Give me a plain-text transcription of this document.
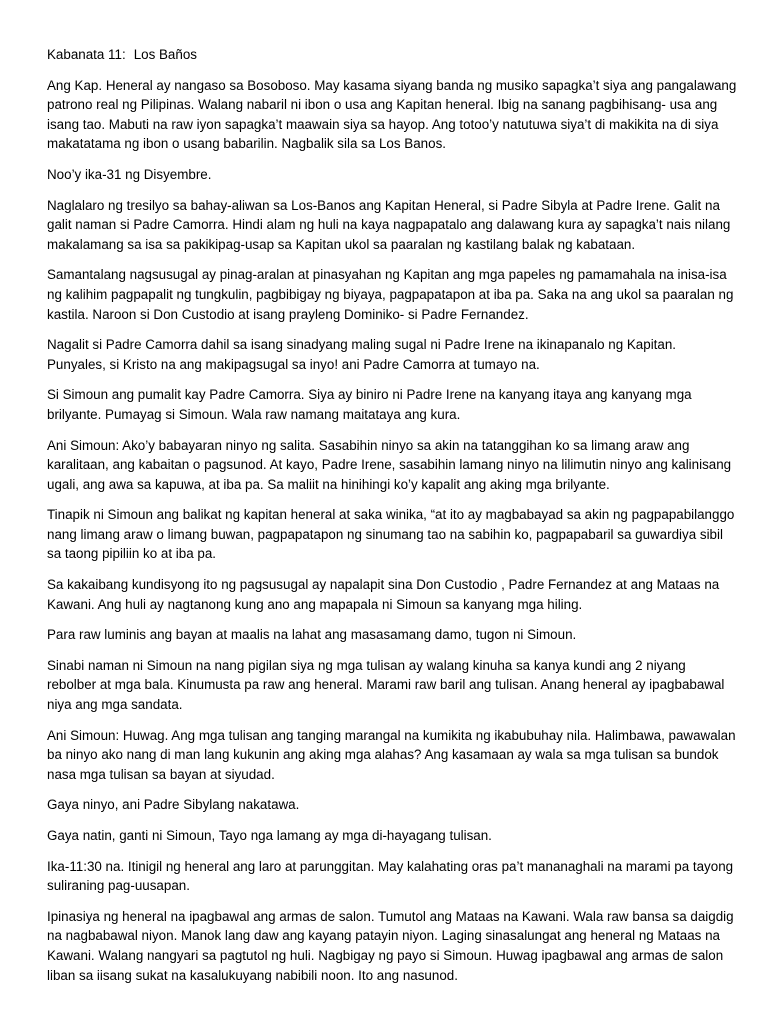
Kabanata 11: Los Baños

Ang Kap. Heneral ay nangaso sa Bosoboso. May kasama siyang banda ng musiko sapagka’t siya ang pangalawang patrono real ng Pilipinas. Walang nabaril ni ibon o usa ang Kapitan heneral. Ibig na sanang pagbihisang- usa ang isang tao. Mabuti na raw iyon sapagka’t maawain siya sa hayop. Ang totoo’y natutuwa siya’t di makikita na di siya makatatama ng ibon o usang babarilin. Nagbalik sila sa Los Banos.

Noo’y ika-31 ng Disyembre.

Naglalaro ng tresilyo sa bahay-aliwan sa Los-Banos ang Kapitan Heneral, si Padre Sibyla at Padre Irene. Galit na galit naman si Padre Camorra. Hindi alam ng huli na kaya nagpapatalo ang dalawang kura ay sapagka’t nais nilang makalamang sa isa sa pakikipag-usap sa Kapitan ukol sa paaralan ng kastilang balak ng kabataan.

Samantalang nagsusugal ay pinag-aralan at pinasyahan ng Kapitan ang mga papeles ng pamamahala na inisa-isa ng kalihim pagpapalit ng tungkulin, pagbibigay ng biyaya, pagpapatapon at iba pa. Saka na ang ukol sa paaralan ng kastila. Naroon si Don Custodio at isang prayleng Dominiko- si Padre Fernandez.

Nagalit si Padre Camorra dahil sa isang sinadyang maling sugal ni Padre Irene na ikinapanalo ng Kapitan. Punyales, si Kristo na ang makipagsugal sa inyo! ani Padre Camorra at tumayo na.

Si Simoun ang pumalit kay Padre Camorra. Siya ay biniro ni Padre Irene na kanyang itaya ang kanyang mga brilyante. Pumayag si Simoun. Wala raw namang maitataya ang kura.

Ani Simoun: Ako’y babayaran ninyo ng salita. Sasabihin ninyo sa akin na tatanggihan ko sa limang araw ang karalitaan, ang kabaitan o pagsunod. At kayo, Padre Irene, sasabihin lamang ninyo na lilimutin ninyo ang kalinisang ugali, ang awa sa kapuwa, at iba pa. Sa maliit na hinihingi ko’y kapalit ang aking mga brilyante.

Tinapik ni Simoun ang balikat ng kapitan heneral at saka winika, “at ito ay magbabayad sa akin ng pagpapabilanggo nang limang araw o limang buwan, pagpapatapon ng sinumang tao na sabihin ko, pagpapabaril sa guwardiya sibil sa taong pipiliin ko at iba pa.

Sa kakaibang kundisyong ito ng pagsusugal ay napalapit sina Don Custodio , Padre Fernandez at ang Mataas na Kawani. Ang huli ay nagtanong kung ano ang mapapala ni Simoun sa kanyang mga hiling.

Para raw luminis ang bayan at maalis na lahat ang masasamang damo, tugon ni Simoun.

Sinabi naman ni Simoun na nang pigilan siya ng mga tulisan ay walang kinuha sa kanya kundi ang 2 niyang rebolber at mga bala. Kinumusta pa raw ang heneral. Marami raw baril ang tulisan. Anang heneral ay ipagbabawal niya ang mga sandata.

Ani Simoun: Huwag. Ang mga tulisan ang tanging marangal na kumikita ng ikabubuhay nila. Halimbawa, pawawalan ba ninyo ako nang di man lang kukunin ang aking mga alahas? Ang kasamaan ay wala sa mga tulisan sa bundok nasa mga tulisan sa bayan at siyudad.

Gaya ninyo, ani Padre Sibylang nakatawa.

Gaya natin, ganti ni Simoun, Tayo nga lamang ay mga di-hayagang tulisan.

Ika-11:30 na. Itinigil ng heneral ang laro at parunggitan. May kalahating oras pa’t mananaghali na marami pa tayong suliraning pag-uusapan.

Ipinasiya ng heneral na ipagbawal ang armas de salon. Tumutol ang Mataas na Kawani. Wala raw bansa sa daigdig na nagbabawal niyon. Manok lang daw ang kayang patayin niyon. Laging sinasalungat ang heneral ng Mataas na Kawani. Walang nangyari sa pagtutol ng huli. Nagbigay ng payo si Simoun. Huwag ipagbawal ang armas de salon liban sa iisang sukat na kasalukuyang nabibili noon. Ito ang nasunod.
